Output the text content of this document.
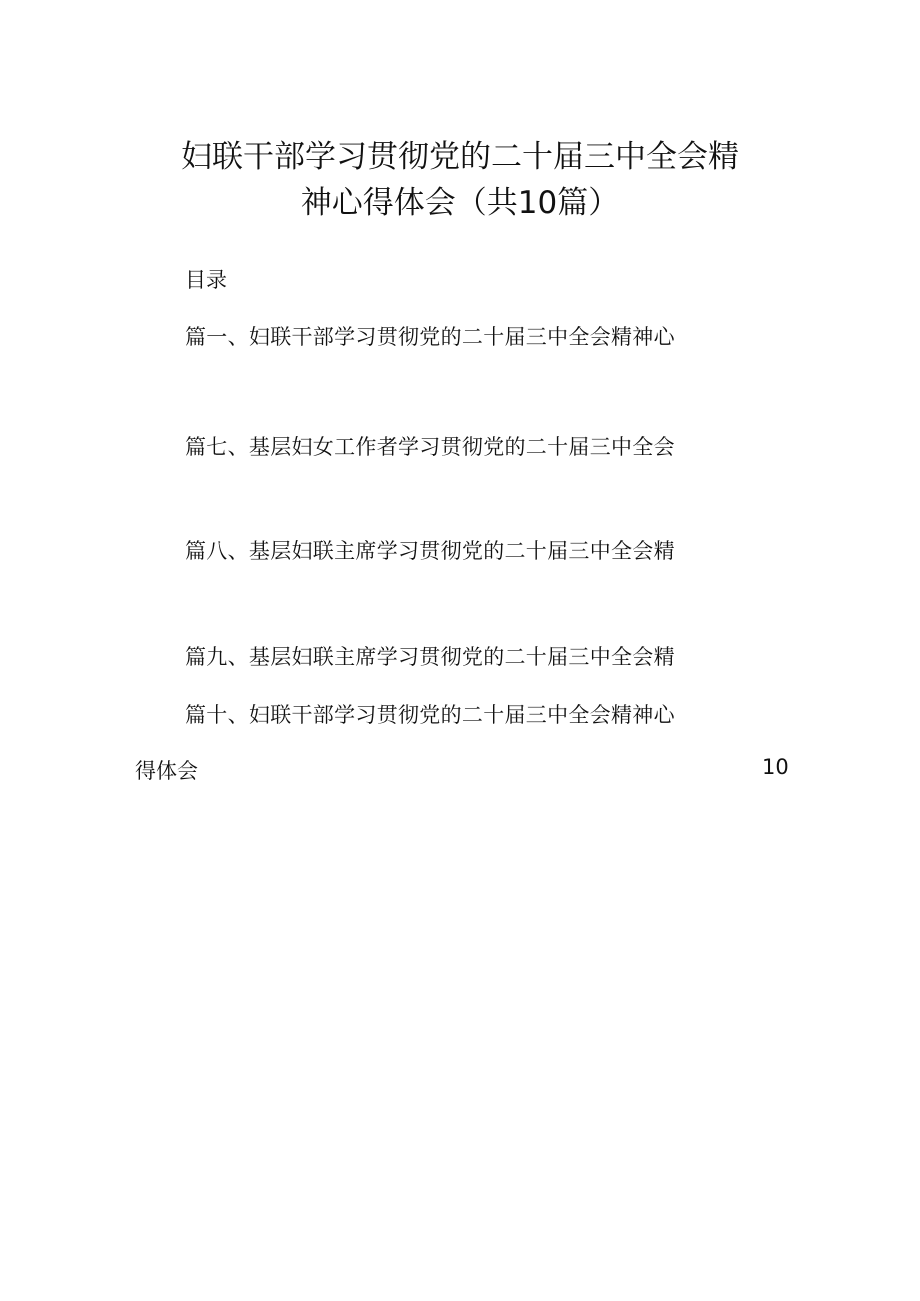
妇联干部学习贯彻党的二十届三中全会精
神心得体会（共10篇）
目录
篇一、妇联干部学习贯彻党的二十届三中全会精神心
篇七、基层妇女工作者学习贯彻党的二十届三中全会
篇八、基层妇联主席学习贯彻党的二十届三中全会精
篇九、基层妇联主席学习贯彻党的二十届三中全会精
篇十、妇联干部学习贯彻党的二十届三中全会精神心
得体会	10
